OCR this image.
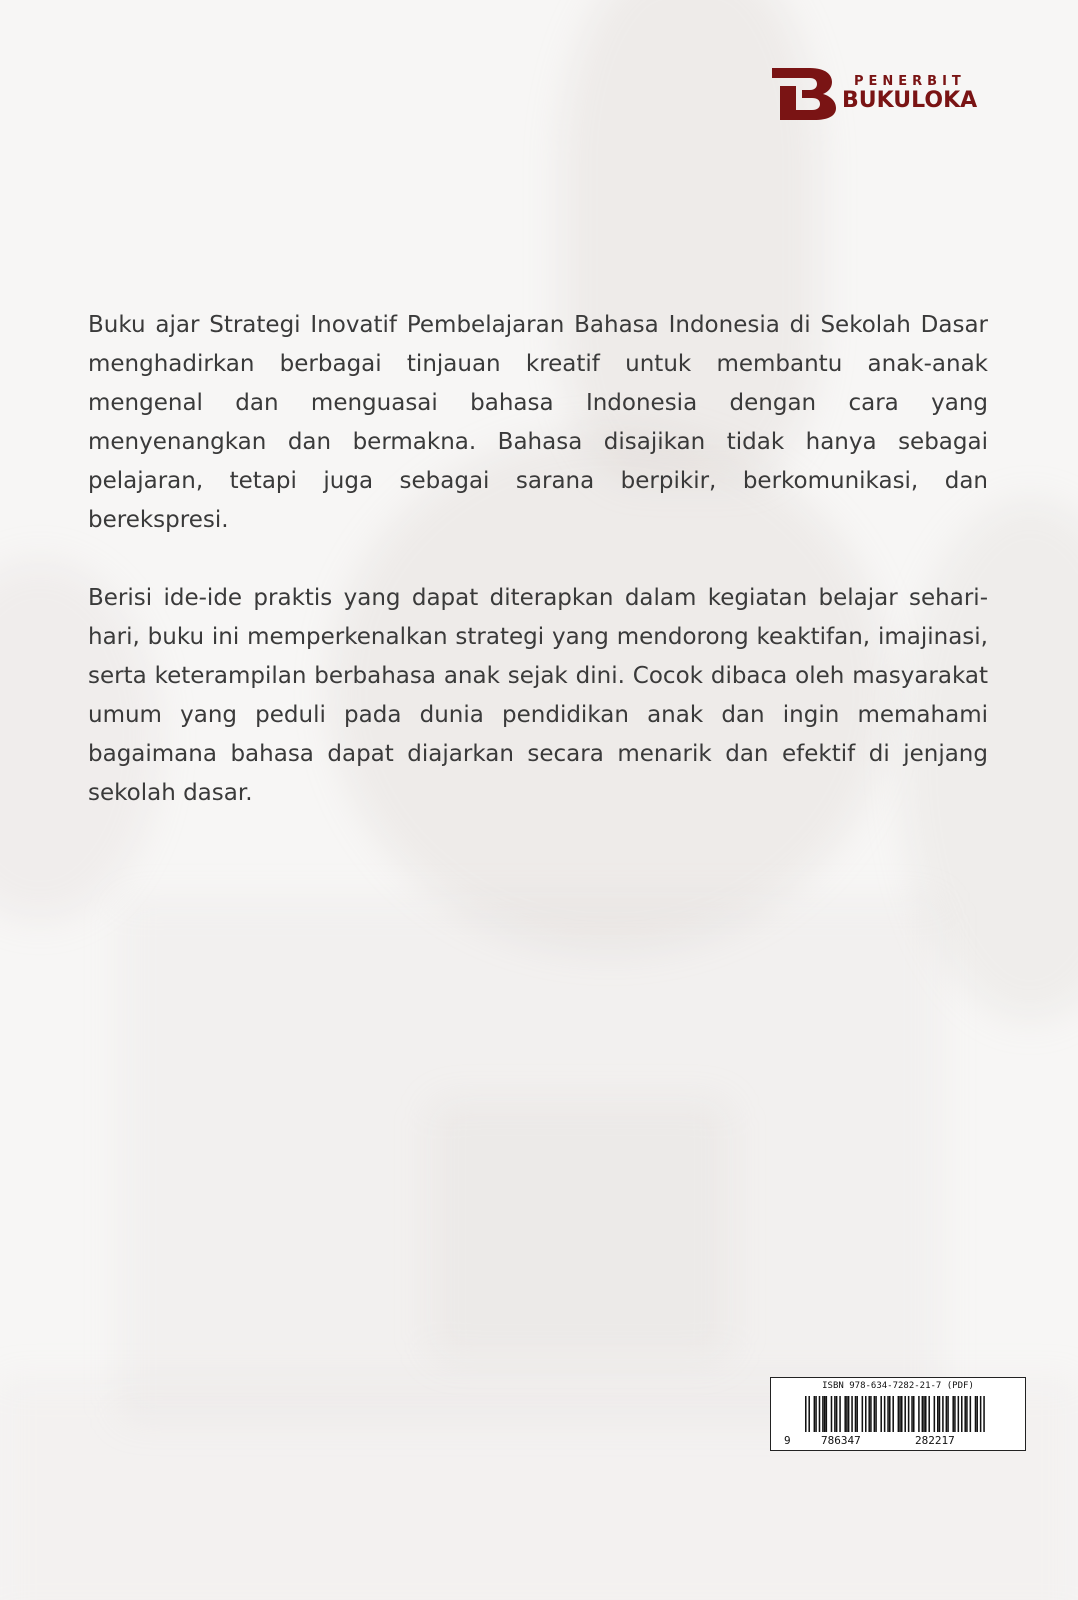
PENERBIT
BUKULOKA

Buku ajar Strategi Inovatif Pembelajaran Bahasa Indonesia di Sekolah Dasar menghadirkan berbagai tinjauan kreatif untuk membantu anak-anak mengenal dan menguasai bahasa Indonesia dengan cara yang menyenangkan dan bermakna. Bahasa disajikan tidak hanya sebagai pelajaran, tetapi juga sebagai sarana berpikir, berkomunikasi, dan berekspresi.

Berisi ide-ide praktis yang dapat diterapkan dalam kegiatan belajar sehari-hari, buku ini memperkenalkan strategi yang mendorong keaktifan, imajinasi, serta keterampilan berbahasa anak sejak dini. Cocok dibaca oleh masyarakat umum yang peduli pada dunia pendidikan anak dan ingin memahami bagaimana bahasa dapat diajarkan secara menarik dan efektif di jenjang sekolah dasar.

ISBN 978-634-7282-21-7 (PDF)
9	786347	282217
